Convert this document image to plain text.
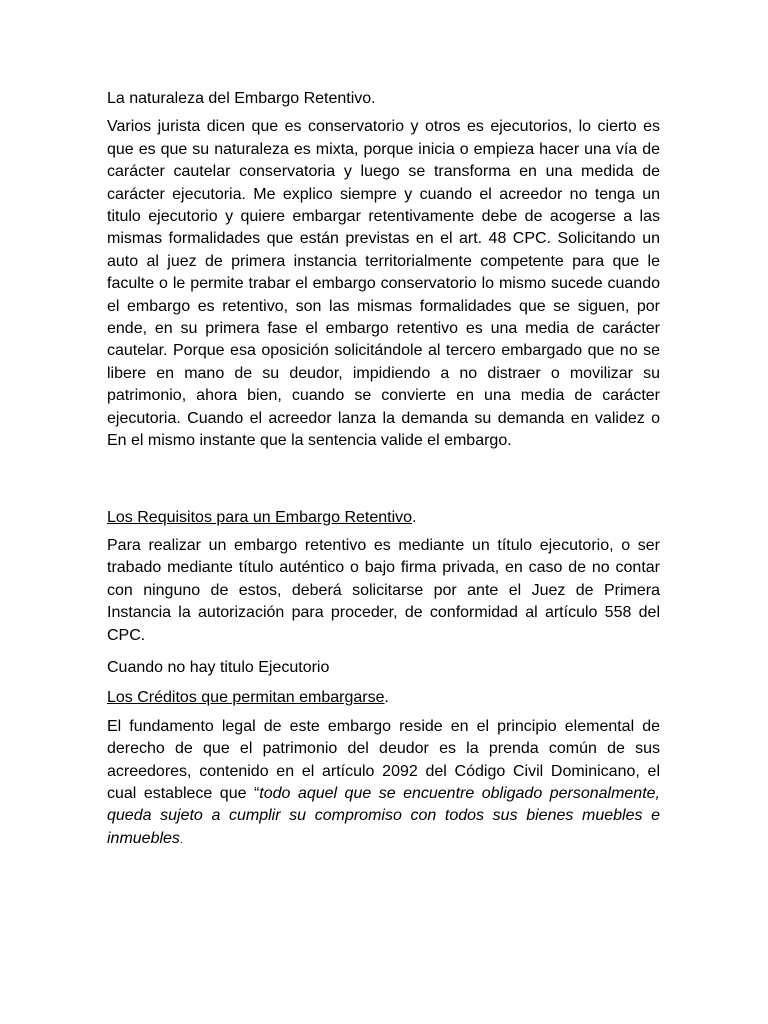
La naturaleza del Embargo Retentivo.

Varios jurista dicen que es conservatorio y otros es ejecutorios, lo cierto es que es que su naturaleza es mixta, porque inicia o empieza hacer una vía de carácter cautelar conservatoria y luego se transforma en una medida de carácter ejecutoria. Me explico siempre y cuando el acreedor no tenga un titulo ejecutorio y quiere embargar retentivamente debe de acogerse a las mismas formalidades que están previstas en el art. 48 CPC. Solicitando un auto al juez de primera instancia territorialmente competente para que le faculte o le permite trabar el embargo conservatorio lo mismo sucede cuando el embargo es retentivo, son las mismas formalidades que se siguen, por ende, en su primera fase el embargo retentivo es una media de carácter cautelar. Porque esa oposición solicitándole al tercero embargado que no se libere en mano de su deudor, impidiendo a no distraer o movilizar su patrimonio, ahora bien, cuando se convierte en una media de carácter ejecutoria. Cuando el acreedor lanza la demanda su demanda en validez o En el mismo instante que la sentencia valide el embargo.

Los Requisitos para un Embargo Retentivo.

Para realizar un embargo retentivo es mediante un título ejecutorio, o ser trabado mediante título auténtico o bajo firma privada, en caso de no contar con ninguno de estos, deberá solicitarse por ante el Juez de Primera Instancia la autorización para proceder, de conformidad al artículo 558 del CPC.

Cuando no hay titulo Ejecutorio

Los Créditos que permitan embargarse.

El fundamento legal de este embargo reside en el principio elemental de derecho de que el patrimonio del deudor es la prenda común de sus acreedores, contenido en el artículo 2092 del Código Civil Dominicano, el cual establece que “todo aquel que se encuentre obligado personalmente, queda sujeto a cumplir su compromiso con todos sus bienes muebles e inmuebles.
